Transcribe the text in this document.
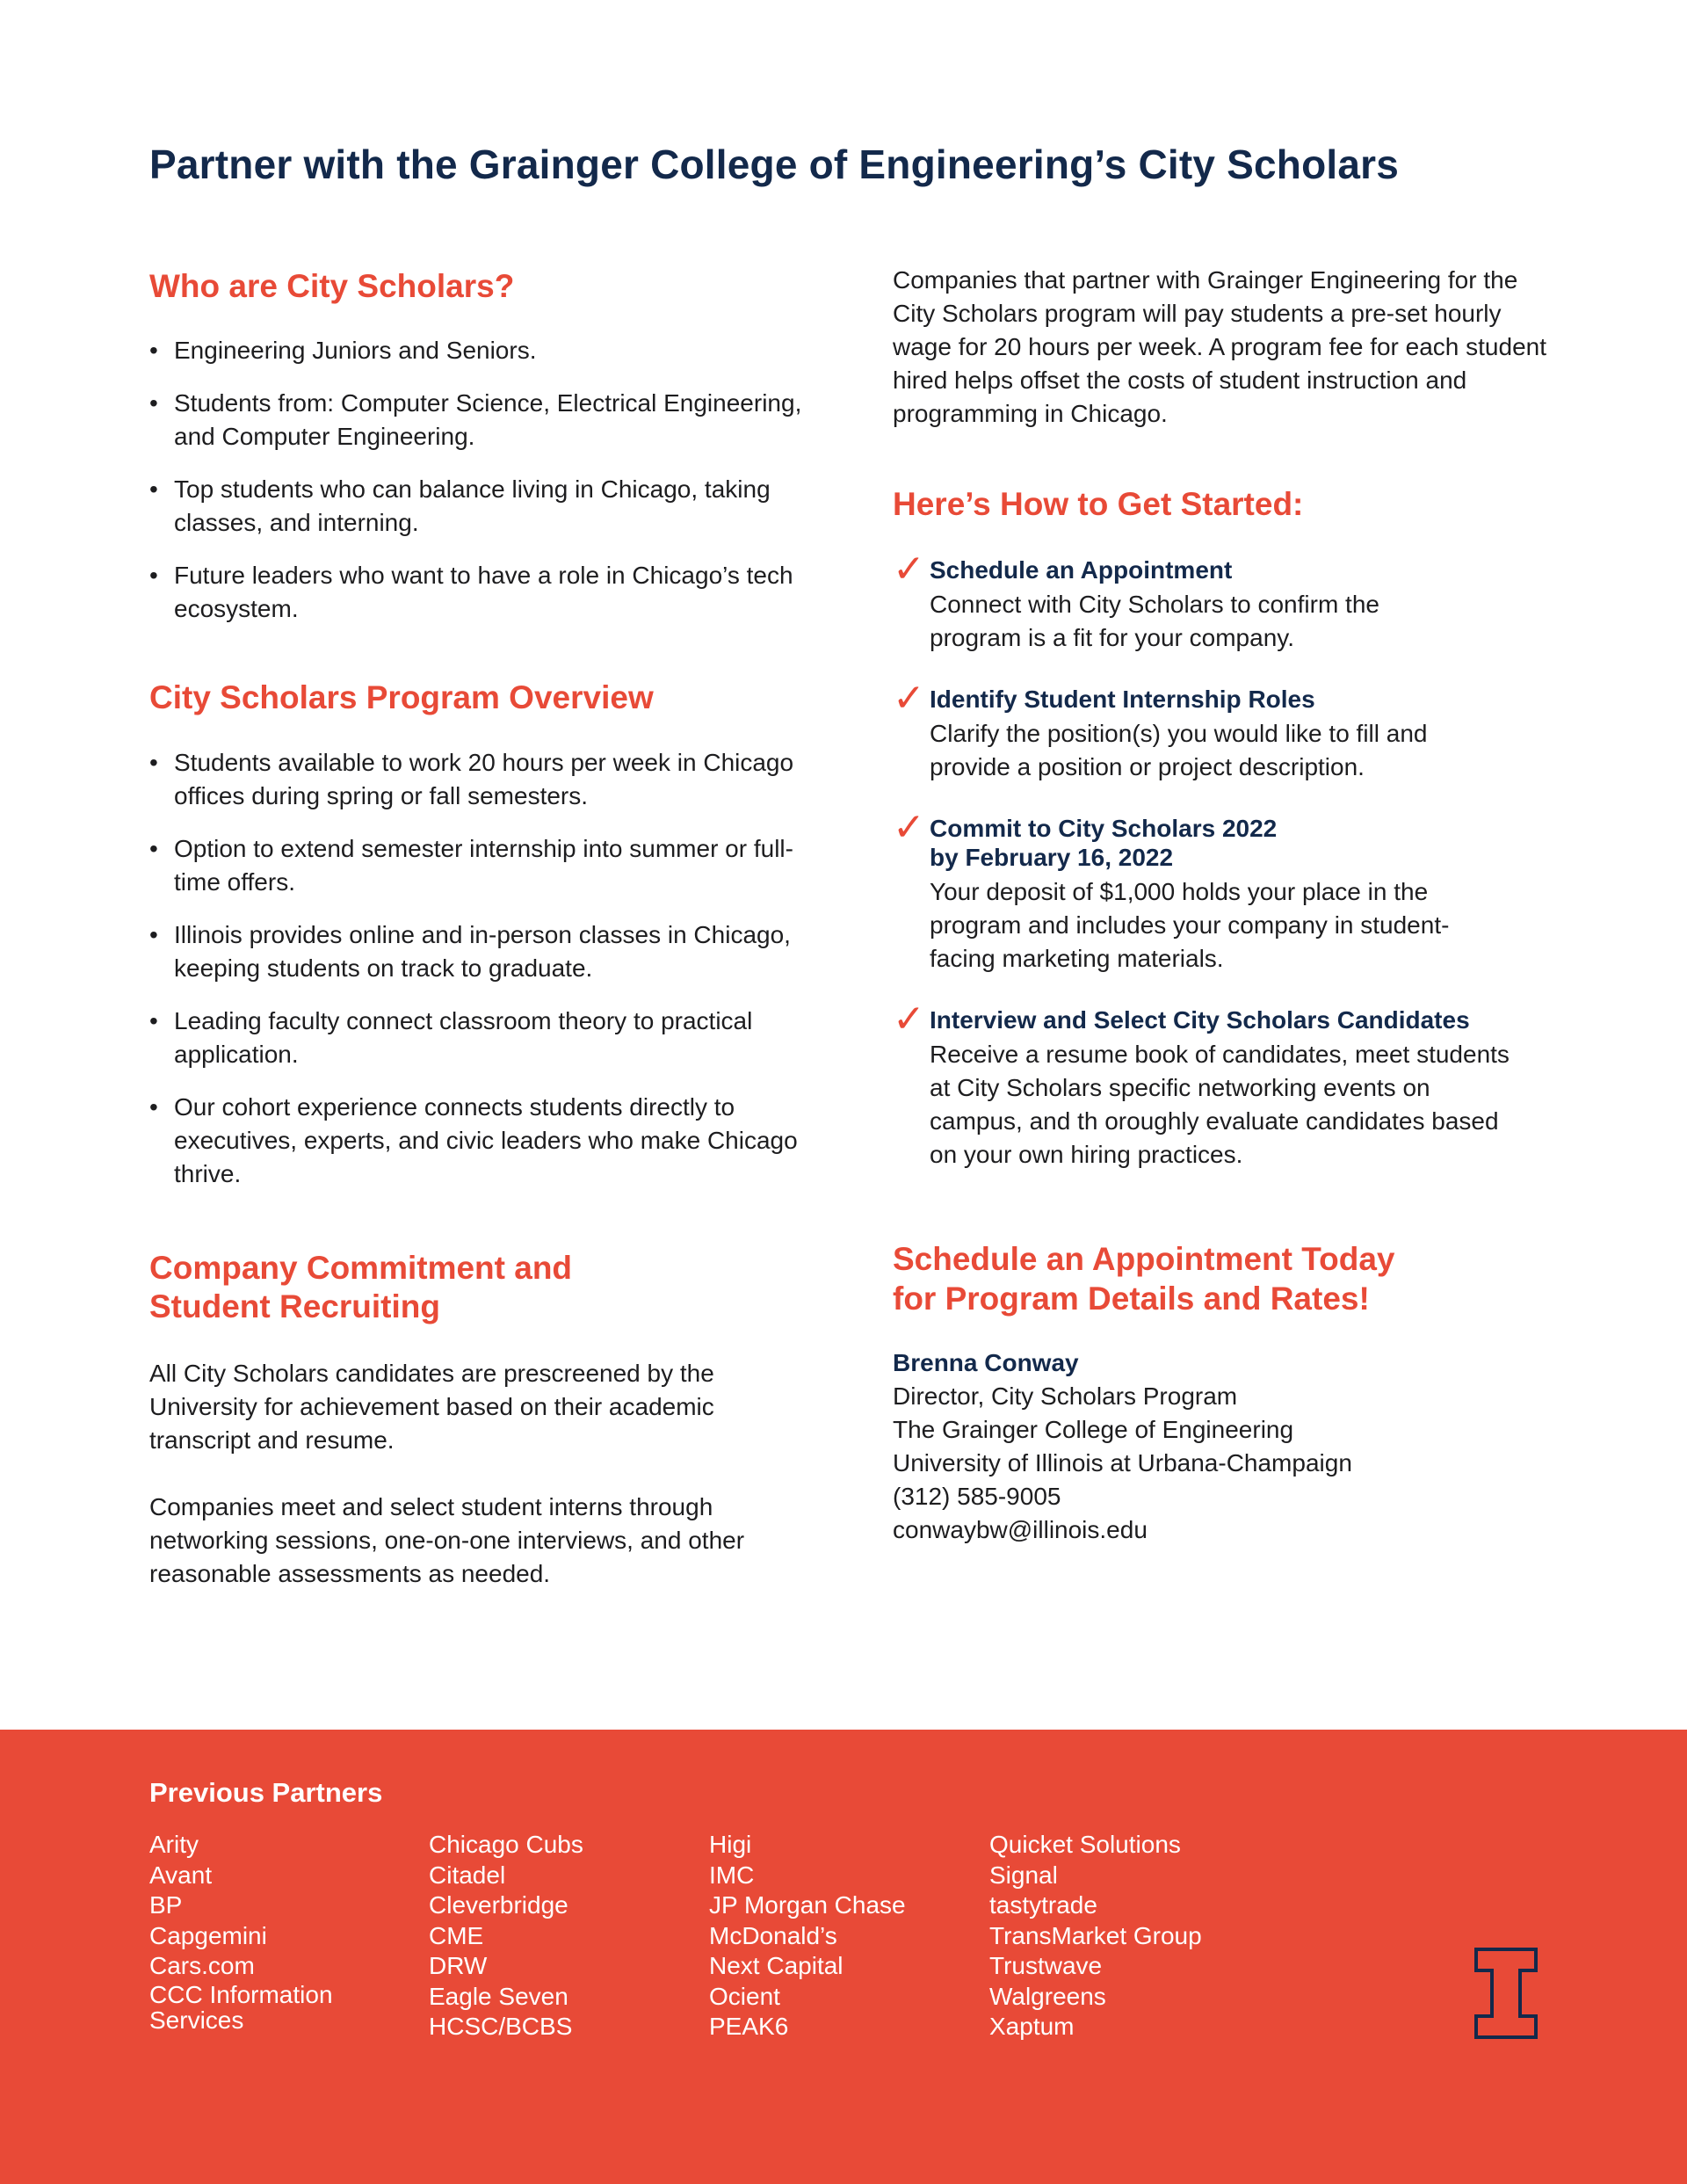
Partner with the Grainger College of Engineering’s City Scholars
Who are City Scholars?
• Engineering Juniors and Seniors.
• Students from: Computer Science, Electrical Engineering, and Computer Engineering.
• Top students who can balance living in Chicago, taking classes, and interning.
• Future leaders who want to have a role in Chicago’s tech ecosystem.
City Scholars Program Overview
• Students available to work 20 hours per week in Chicago offices during spring or fall semesters.
• Option to extend semester internship into summer or full-time offers.
• Illinois provides online and in-person classes in Chicago, keeping students on track to graduate.
• Leading faculty connect classroom theory to practical application.
• Our cohort experience connects students directly to executives, experts, and civic leaders who make Chicago thrive.
Company Commitment and Student Recruiting

All City Scholars candidates are prescreened by the University for achievement based on their academic transcript and resume.

Companies meet and select student interns through networking sessions, one-on-one interviews, and other reasonable assessments as needed.

Companies that partner with Grainger Engineering for the City Scholars program will pay students a pre-set hourly wage for 20 hours per week. A program fee for each student hired helps offset the costs of student instruction and programming in Chicago.

Here’s How to Get Started:
✓ Schedule an Appointment

Connect with City Scholars to confirm the program is a fit for your company.

✓ Identify Student Internship Roles

Clarify the position(s) you would like to fill and provide a position or project description.

✓ Commit to City Scholars 2022
by February 16, 2022

Your deposit of $1,000 holds your place in the program and includes your company in student-facing marketing materials.

✓ Interview and Select City Scholars Candidates

Receive a resume book of candidates, meet students at City Scholars specific networking events on campus, and th oroughly evaluate candidates based on your own hiring practices.

Schedule an Appointment Today
for Program Details and Rates!

Brenna Conway

Director, City Scholars Program

The Grainger College of Engineering

University of Illinois at Urbana-Champaign

(312) 585-9005

conwaybw@illinois.edu

Previous Partners
Arity
Avant
BP
Capgemini
Cars.com
CCC Information
Services
Chicago Cubs
Citadel
Cleverbridge
CME
DRW
Eagle Seven
HCSC/BCBS
Higi
IMC
JP Morgan Chase
McDonald’s
Next Capital
Ocient
PEAK6
Quicket Solutions
Signal
tastytrade
TransMarket Group
Trustwave
Walgreens
Xaptum
